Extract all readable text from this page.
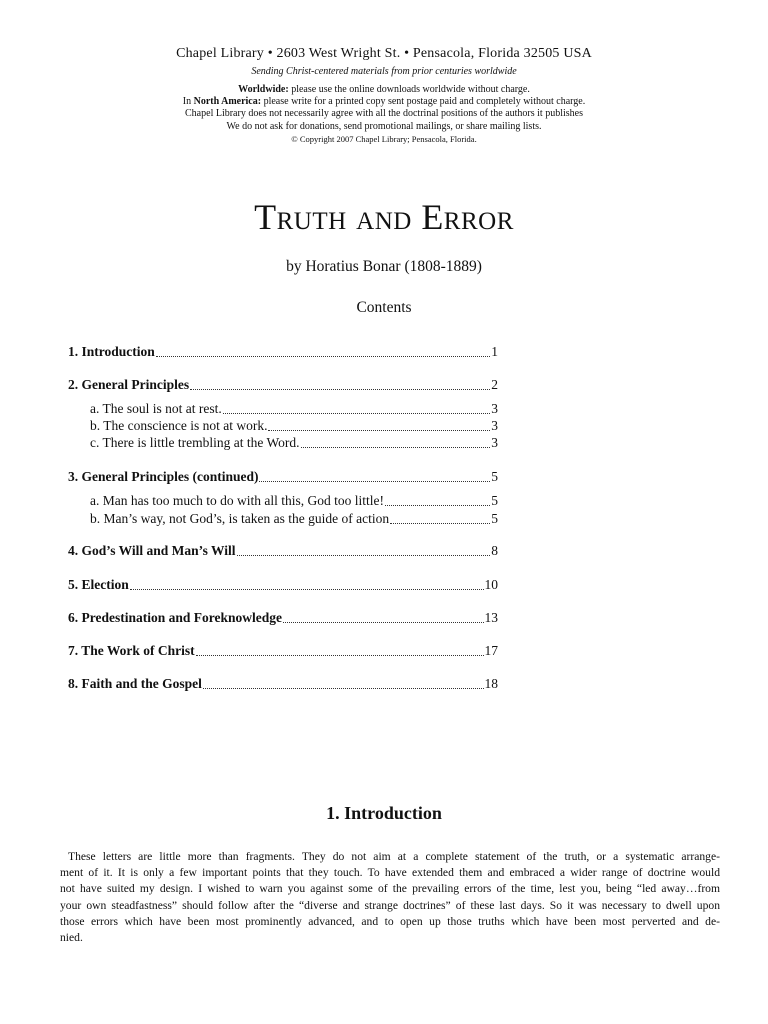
Chapel Library • 2603 West Wright St. • Pensacola, Florida 32505 USA
Sending Christ-centered materials from prior centuries worldwide
Worldwide: please use the online downloads worldwide without charge.
In North America: please write for a printed copy sent postage paid and completely without charge.
Chapel Library does not necessarily agree with all the doctrinal positions of the authors it publishes
We do not ask for donations, send promotional mailings, or share mailing lists.
© Copyright 2007 Chapel Library; Pensacola, Florida.
Truth and Error
by Horatius Bonar (1808-1889)
Contents
1. Introduction	1
2. General Principles	2
a. The soul is not at rest.	3
b. The conscience is not at work.	3
c. There is little trembling at the Word.	3
3. General Principles (continued)	5
a. Man has too much to do with all this, God too little!	5
b. Man’s way, not God’s, is taken as the guide of action	5
4. God’s Will and Man’s Will	8
5. Election	10
6. Predestination and Foreknowledge	13
7. The Work of Christ	17
8. Faith and the Gospel	18
1. Introduction
These letters are little more than fragments. They do not aim at a complete statement of the truth, or a systematic arrange-
ment of it. It is only a few important points that they touch. To have extended them and embraced a wider range of doctrine would
not have suited my design. I wished to warn you against some of the prevailing errors of the time, lest you, being “led away…from
your own steadfastness” should follow after the “diverse and strange doctrines” of these last days. So it was necessary to dwell upon
those errors which have been most prominently advanced, and to open up those truths which have been most perverted and de-
nied.
